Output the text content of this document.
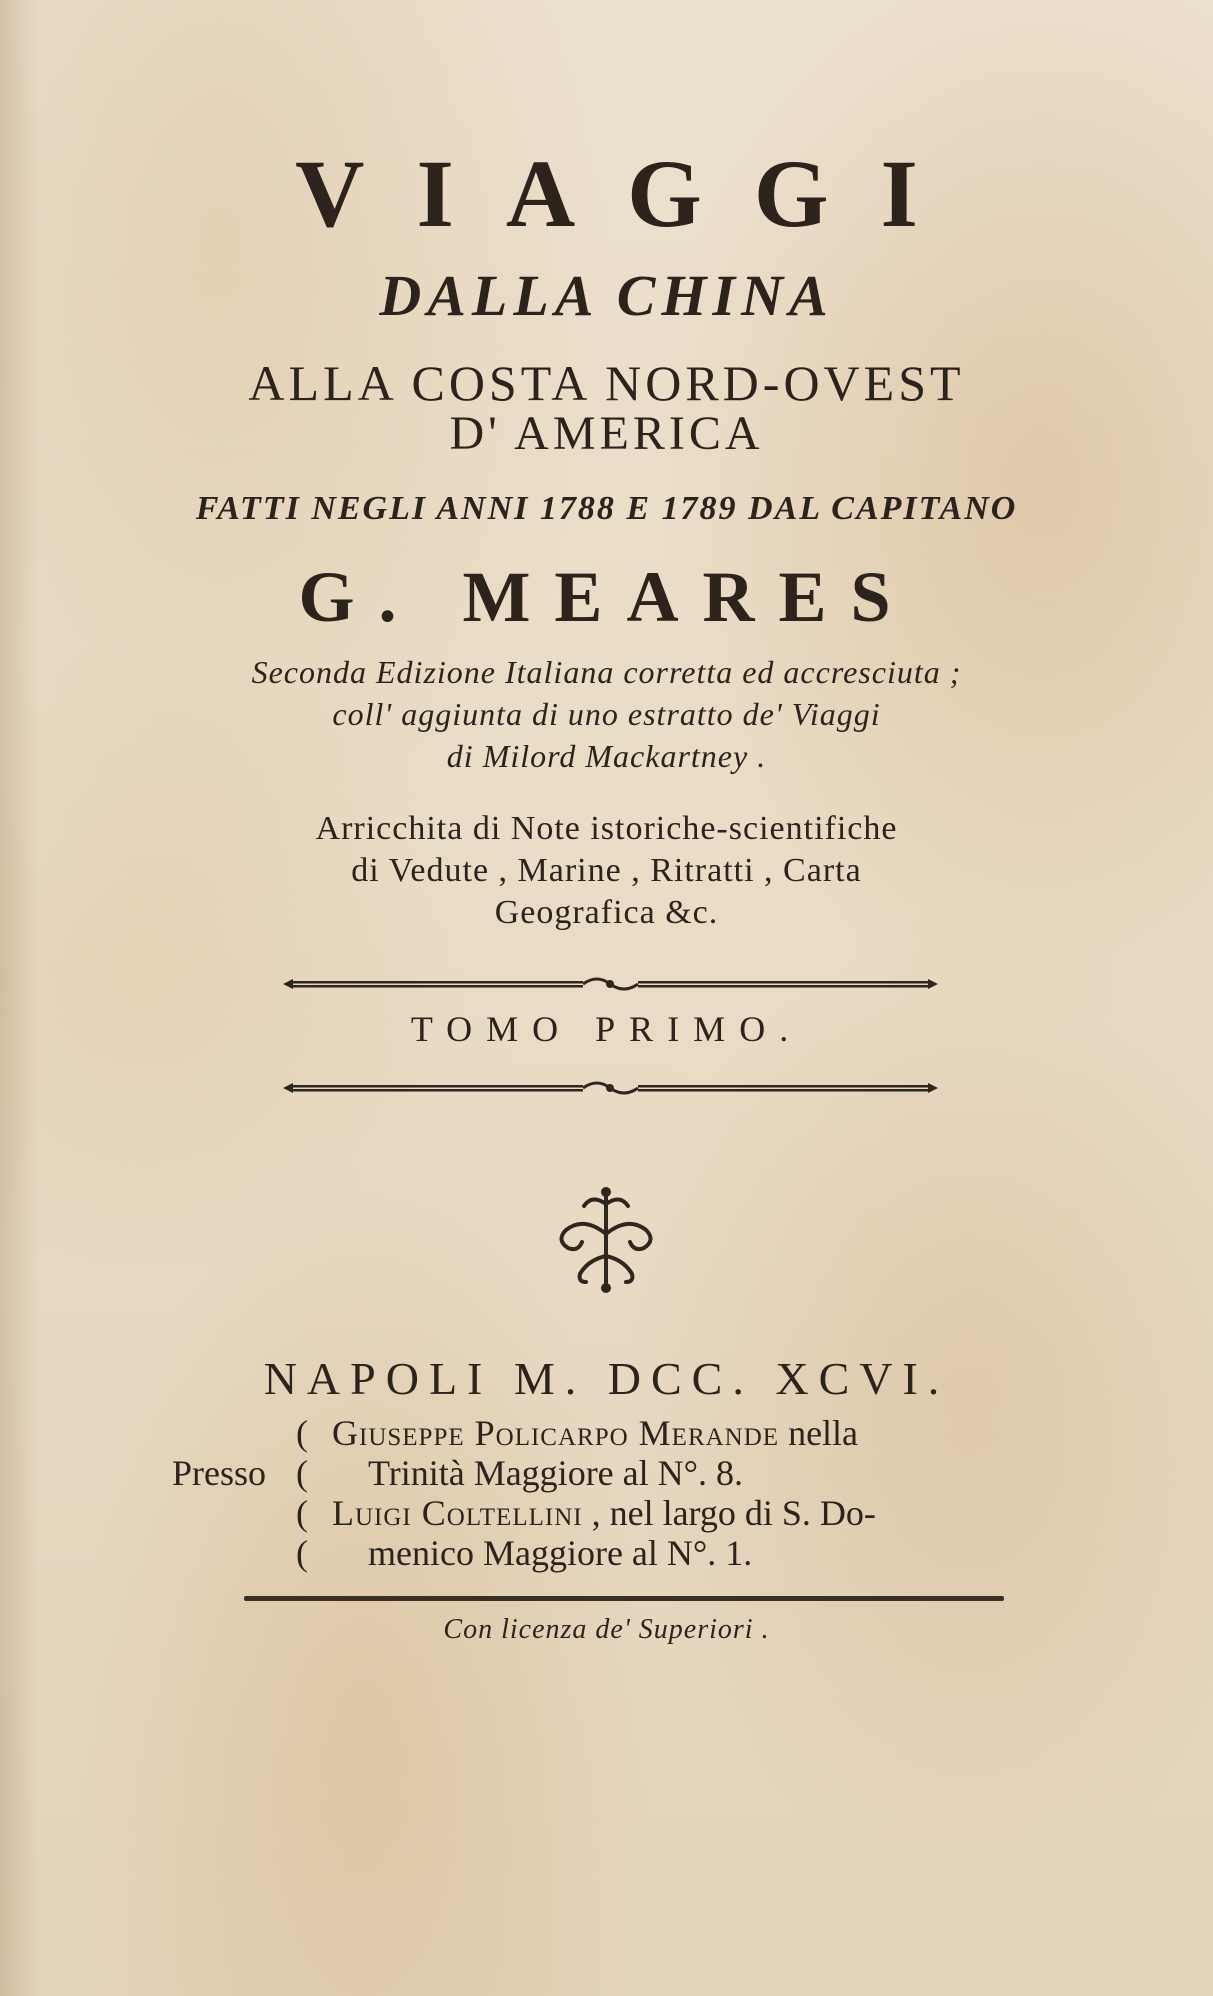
VIAGGI

DALLA CHINA

ALLA COSTA NORD-OVEST

D' AMERICA

FATTI NEGLI ANNI 1788 E 1789 DAL CAPITANO

G. MEARES

Seconda Edizione Italiana corretta ed accresciuta ;

coll' aggiunta di uno estratto de' Viaggi

di Milord Mackartney .

Arricchita di Note istoriche-scientifiche

di Vedute , Marine , Ritratti , Carta

Geografica &c.

TOMO PRIMO.

NAPOLI M. DCC. XCVI.

Presso
( Giuseppe Policarpo Merande nella
( Trinità Maggiore al N°. 8.
( Luigi Coltellini , nel largo di S. Do-
( menico Maggiore al N°. 1.

Con licenza de' Superiori .
